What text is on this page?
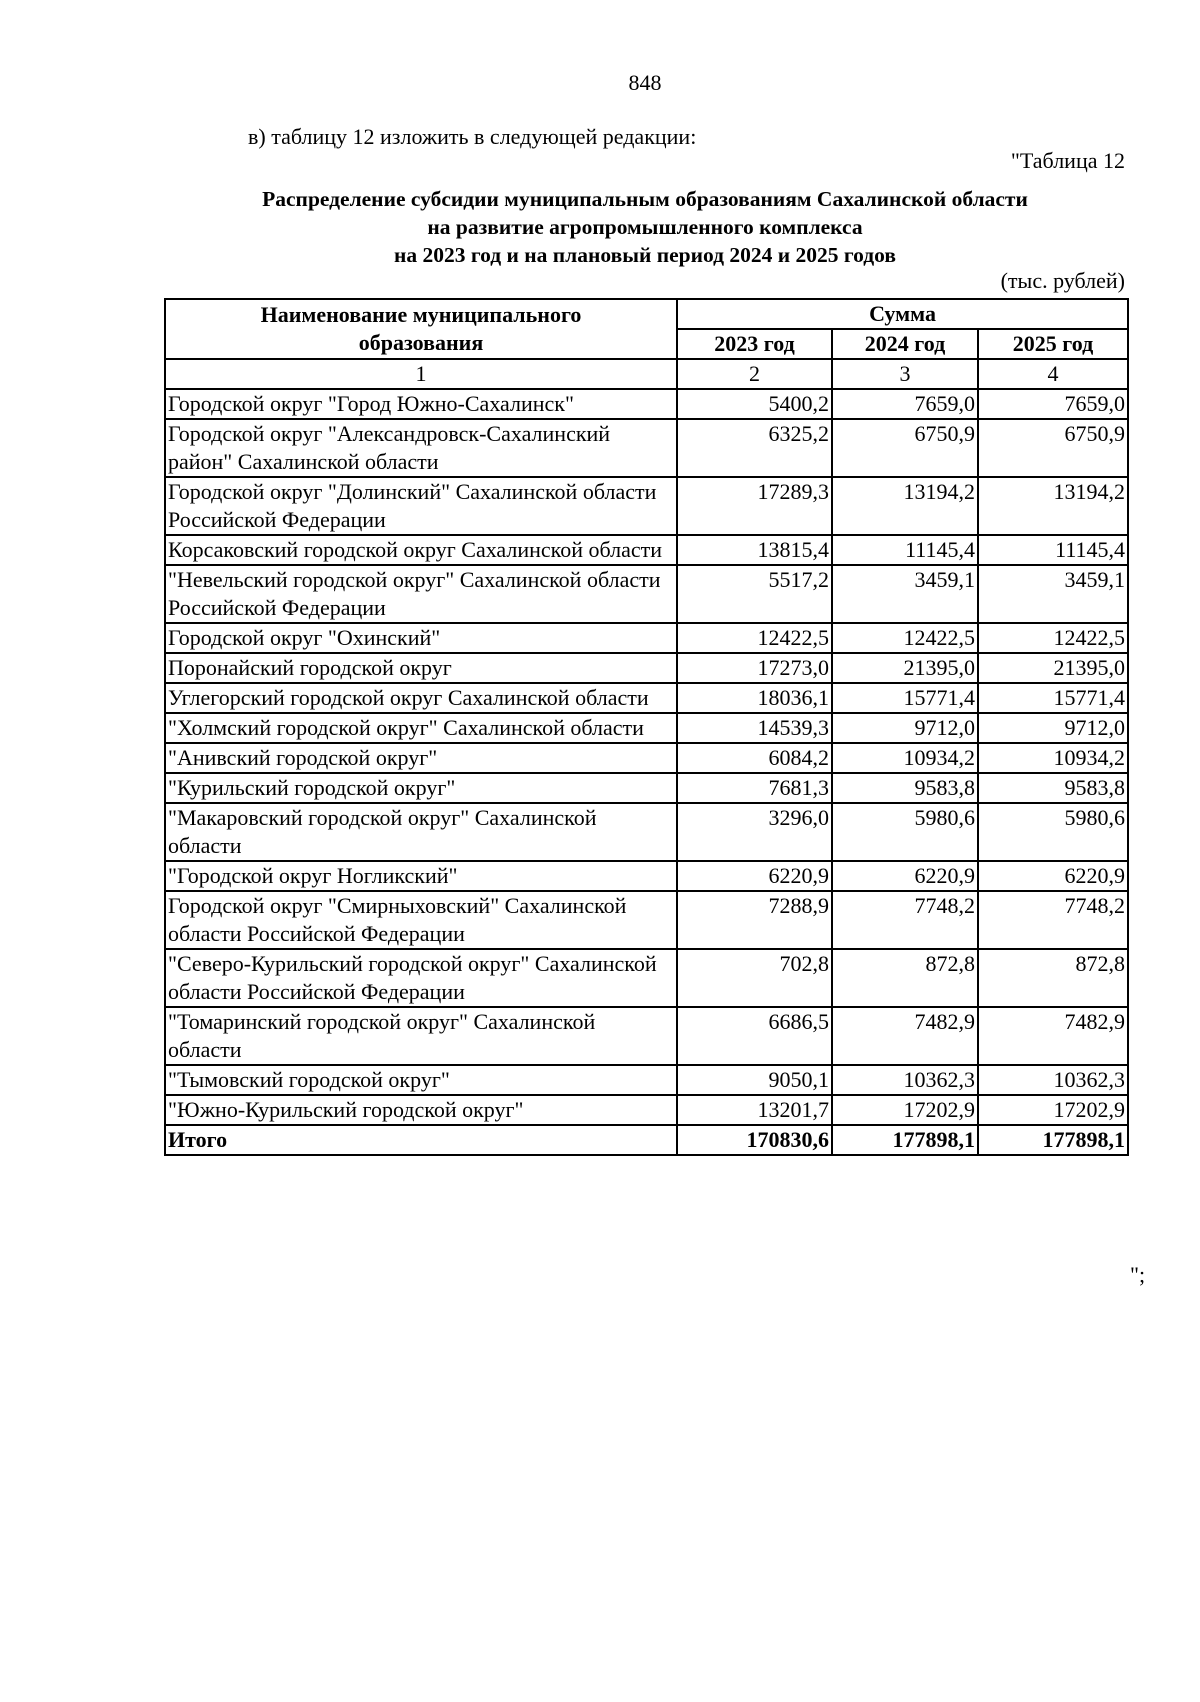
848
в) таблицу 12 изложить в следующей редакции:
"Таблица 12
Распределение субсидии муниципальным образованиям Сахалинской области
на развитие агропромышленного комплекса
на 2023 год и на плановый период 2024 и 2025 годов
(тыс. рублей)
Наименование муниципального образования	Сумма		
	2023 год	2024 год	2025 год
1	2	3	4
Городской округ "Город Южно-Сахалинск"	5400,2	7659,0	7659,0
Городской округ "Александровск-Сахалинский район" Сахалинской области	6325,2	6750,9	6750,9
Городской округ "Долинский" Сахалинской области Российской Федерации	17289,3	13194,2	13194,2
Корсаковский городской округ Сахалинской области	13815,4	11145,4	11145,4
"Невельский городской округ" Сахалинской области Российской Федерации	5517,2	3459,1	3459,1
Городской округ "Охинский"	12422,5	12422,5	12422,5
Поронайский городской округ	17273,0	21395,0	21395,0
Углегорский городской округ Сахалинской области	18036,1	15771,4	15771,4
"Холмский городской округ" Сахалинской области	14539,3	9712,0	9712,0
"Анивский городской округ"	6084,2	10934,2	10934,2
"Курильский городской округ"	7681,3	9583,8	9583,8
"Макаровский городской округ" Сахалинской области	3296,0	5980,6	5980,6
"Городской округ Ногликский"	6220,9	6220,9	6220,9
Городской округ "Смирныховский" Сахалинской области Российской Федерации	7288,9	7748,2	7748,2
"Северо-Курильский городской округ" Сахалинской области Российской Федерации	702,8	872,8	872,8
"Томаринский городской округ" Сахалинской области	6686,5	7482,9	7482,9
"Тымовский городской округ"	9050,1	10362,3	10362,3
"Южно-Курильский городской округ"	13201,7	17202,9	17202,9
Итого	170830,6	177898,1	177898,1
";
